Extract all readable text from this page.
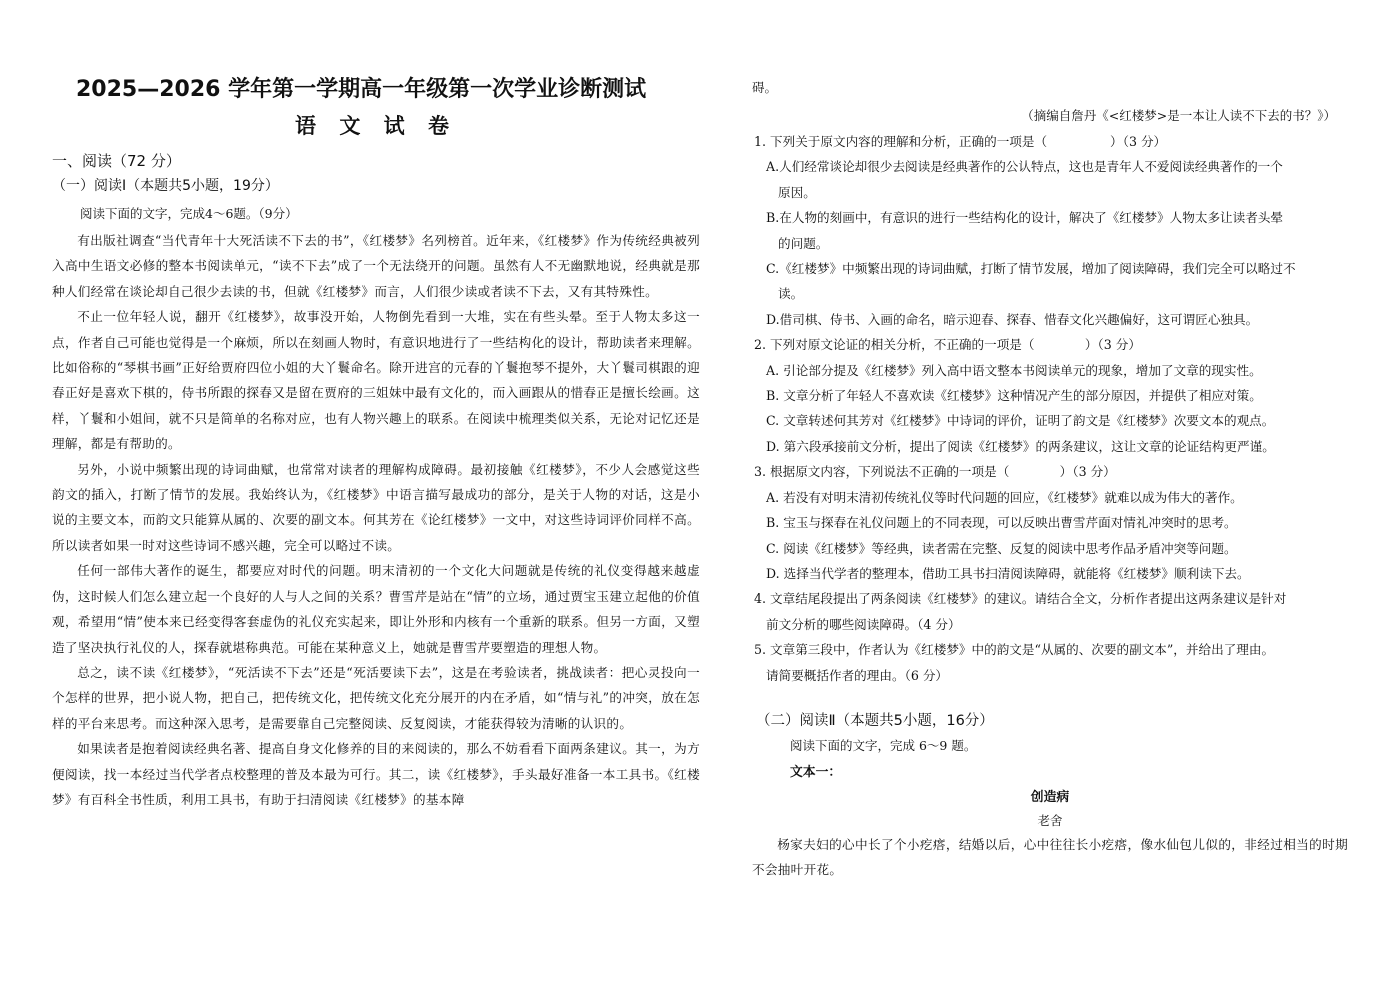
2025—2026 学年第一学期高一年级第一次学业诊断测试
语 文 试 卷
一、阅读（72 分）
（一）阅读Ⅰ（本题共5小题，19分）
阅读下面的文字，完成4～6题。（9分）

有出版社调查“当代青年十大死活读不下去的书”，《红楼梦》名列榜首。近年来，《红楼梦》作为传统经典被列入高中生语文必修的整本书阅读单元，“读不下去”成了一个无法绕开的问题。虽然有人不无幽默地说，经典就是那种人们经常在谈论却自己很少去读的书，但就《红楼梦》而言，人们很少读或者读不下去，又有其特殊性。

不止一位年轻人说，翻开《红楼梦》，故事没开始，人物倒先看到一大堆，实在有些头晕。至于人物太多这一点，作者自己可能也觉得是一个麻烦，所以在刻画人物时，有意识地进行了一些结构化的设计，帮助读者来理解。比如俗称的“琴棋书画”正好给贾府四位小姐的大丫鬟命名。除开进宫的元春的丫鬟抱琴不提外，大丫鬟司棋跟的迎春正好是喜欢下棋的，侍书所跟的探春又是留在贾府的三姐妹中最有文化的，而入画跟从的惜春正是擅长绘画。这样，丫鬟和小姐间，就不只是简单的名称对应，也有人物兴趣上的联系。在阅读中梳理类似关系，无论对记忆还是理解，都是有帮助的。

另外，小说中频繁出现的诗词曲赋，也常常对读者的理解构成障碍。最初接触《红楼梦》，不少人会感觉这些韵文的插入，打断了情节的发展。我始终认为，《红楼梦》中语言描写最成功的部分，是关于人物的对话，这是小说的主要文本，而韵文只能算从属的、次要的副文本。何其芳在《论红楼梦》一文中，对这些诗词评价同样不高。所以读者如果一时对这些诗词不感兴趣，完全可以略过不读。

任何一部伟大著作的诞生，都要应对时代的问题。明末清初的一个文化大问题就是传统的礼仪变得越来越虚伪，这时候人们怎么建立起一个良好的人与人之间的关系？曹雪芹是站在“情”的立场，通过贾宝玉建立起他的价值观，希望用“情”使本来已经变得客套虚伪的礼仪充实起来，即让外形和内核有一个重新的联系。但另一方面，又塑造了坚决执行礼仪的人，探春就堪称典范。可能在某种意义上，她就是曹雪芹要塑造的理想人物。

总之，读不读《红楼梦》，“死活读不下去”还是“死活要读下去”，这是在考验读者，挑战读者：把心灵投向一个怎样的世界，把小说人物，把自己，把传统文化，把传统文化充分展开的内在矛盾，如“情与礼”的冲突，放在怎样的平台来思考。而这种深入思考，是需要靠自己完整阅读、反复阅读，才能获得较为清晰的认识的。

如果读者是抱着阅读经典名著、提高自身文化修养的目的来阅读的，那么不妨看看下面两条建议。其一，为方便阅读，找一本经过当代学者点校整理的普及本最为可行。其二，读《红楼梦》，手头最好准备一本工具书。《红楼梦》有百科全书性质，利用工具书，有助于扫清阅读《红楼梦》的基本障

碍。
（摘编自詹丹《<红楼梦>是一本让人读不下去的书？》）

1. 下列关于原文内容的理解和分析，正确的一项是（　　　　　）（3 分）

A.人们经常谈论却很少去阅读是经典著作的公认特点，这也是青年人不爱阅读经典著作的一个
原因。

B.在人物的刻画中，有意识的进行一些结构化的设计，解决了《红楼梦》人物太多让读者头晕
的问题。

C.《红楼梦》中频繁出现的诗词曲赋，打断了情节发展，增加了阅读障碍，我们完全可以略过不
读。

D.借司棋、侍书、入画的命名，暗示迎春、探春、惜春文化兴趣偏好，这可谓匠心独具。

2. 下列对原文论证的相关分析，不正确的一项是（　　　　）（3 分）

A. 引论部分提及《红楼梦》列入高中语文整本书阅读单元的现象，增加了文章的现实性。

B. 文章分析了年轻人不喜欢读《红楼梦》这种情况产生的部分原因，并提供了相应对策。

C. 文章转述何其芳对《红楼梦》中诗词的评价，证明了韵文是《红楼梦》次要文本的观点。

D. 第六段承接前文分析，提出了阅读《红楼梦》的两条建议，这让文章的论证结构更严谨。

3. 根据原文内容，下列说法不正确的一项是（　　　　）（3 分）

A. 若没有对明末清初传统礼仪等时代问题的回应，《红楼梦》就难以成为伟大的著作。

B. 宝玉与探春在礼仪问题上的不同表现，可以反映出曹雪芹面对情礼冲突时的思考。

C. 阅读《红楼梦》等经典，读者需在完整、反复的阅读中思考作品矛盾冲突等问题。

D. 选择当代学者的整理本，借助工具书扫清阅读障碍，就能将《红楼梦》顺利读下去。

4. 文章结尾段提出了两条阅读《红楼梦》的建议。请结合全文，分析作者提出这两条建议是针对
前文分析的哪些阅读障碍。（4 分）

5. 文章第三段中，作者认为《红楼梦》中的韵文是“从属的、次要的副文本”，并给出了理由。
请简要概括作者的理由。（6 分）

（二）阅读Ⅱ（本题共5小题，16分）
阅读下面的文字，完成 6～9 题。
文本一：
创造病
老舍

杨家夫妇的心中长了个小疙瘩，结婚以后，心中往往长小疙瘩，像水仙包儿似的，非经过相当的时期不会抽叶开花。
